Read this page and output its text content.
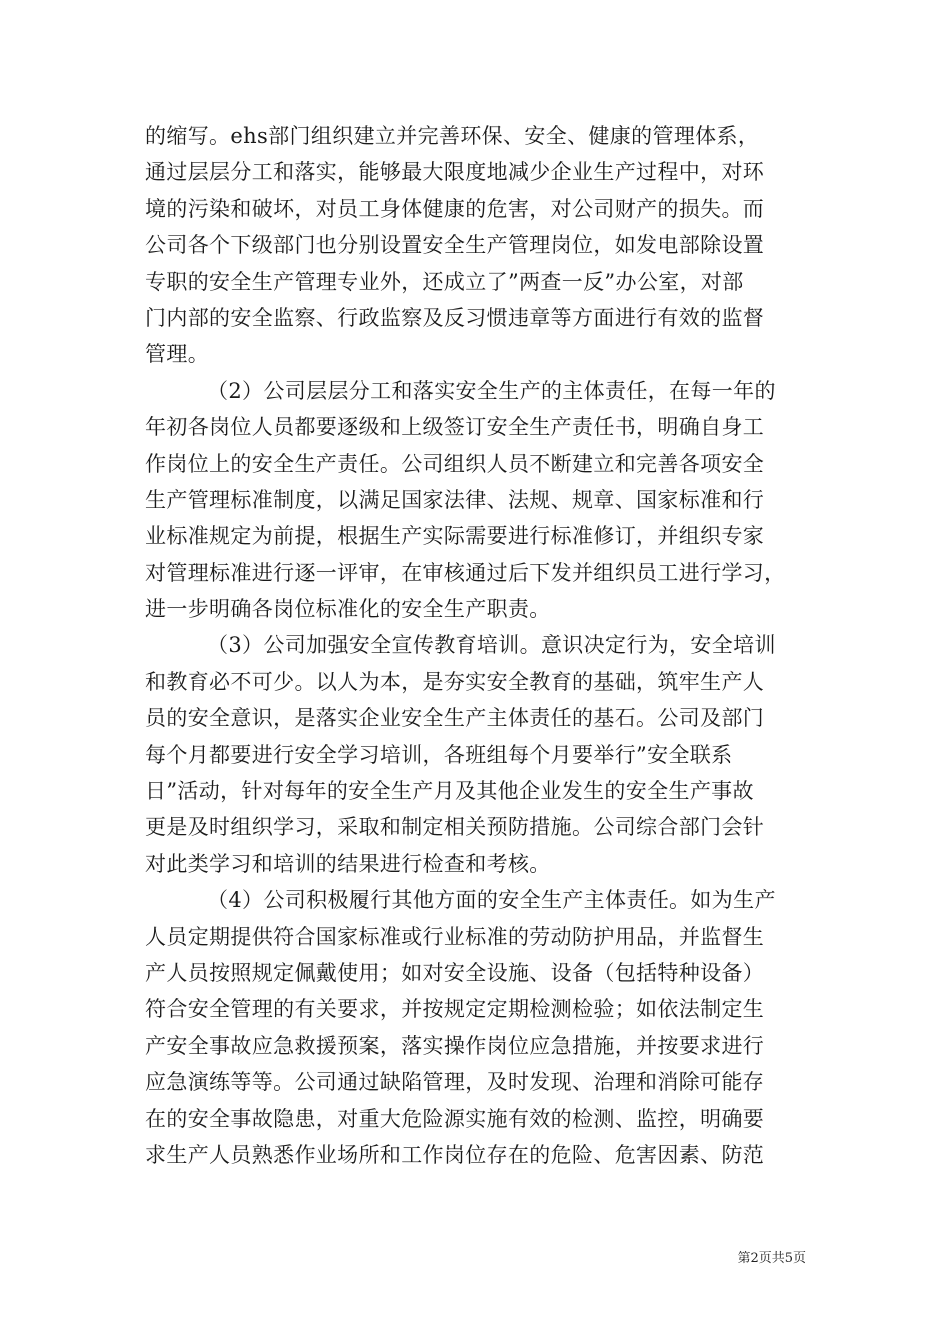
的缩写。ehs部门组织建立并完善环保、安全、健康的管理体系，
通过层层分工和落实，能够最大限度地减少企业生产过程中，对环
境的污染和破坏，对员工身体健康的危害，对公司财产的损失。而
公司各个下级部门也分别设置安全生产管理岗位，如发电部除设置
专职的安全生产管理专业外，还成立了”两查一反”办公室，对部
门内部的安全监察、行政监察及反习惯违章等方面进行有效的监督
管理。
（2）公司层层分工和落实安全生产的主体责任，在每一年的
年初各岗位人员都要逐级和上级签订安全生产责任书，明确自身工
作岗位上的安全生产责任。公司组织人员不断建立和完善各项安全
生产管理标准制度，以满足国家法律、法规、规章、国家标准和行
业标准规定为前提，根据生产实际需要进行标准修订，并组织专家
对管理标准进行逐一评审，在审核通过后下发并组织员工进行学习，
进一步明确各岗位标准化的安全生产职责。
（3）公司加强安全宣传教育培训。意识决定行为，安全培训
和教育必不可少。以人为本，是夯实安全教育的基础，筑牢生产人
员的安全意识，是落实企业安全生产主体责任的基石。公司及部门
每个月都要进行安全学习培训，各班组每个月要举行”安全联系
日”活动，针对每年的安全生产月及其他企业发生的安全生产事故
更是及时组织学习，采取和制定相关预防措施。公司综合部门会针
对此类学习和培训的结果进行检查和考核。
（4）公司积极履行其他方面的安全生产主体责任。如为生产
人员定期提供符合国家标准或行业标准的劳动防护用品，并监督生
产人员按照规定佩戴使用；如对安全设施、设备（包括特种设备）
符合安全管理的有关要求，并按规定定期检测检验；如依法制定生
产安全事故应急救援预案，落实操作岗位应急措施，并按要求进行
应急演练等等。公司通过缺陷管理，及时发现、治理和消除可能存
在的安全事故隐患，对重大危险源实施有效的检测、监控，明确要
求生产人员熟悉作业场所和工作岗位存在的危险、危害因素、防范
第2页共5页
